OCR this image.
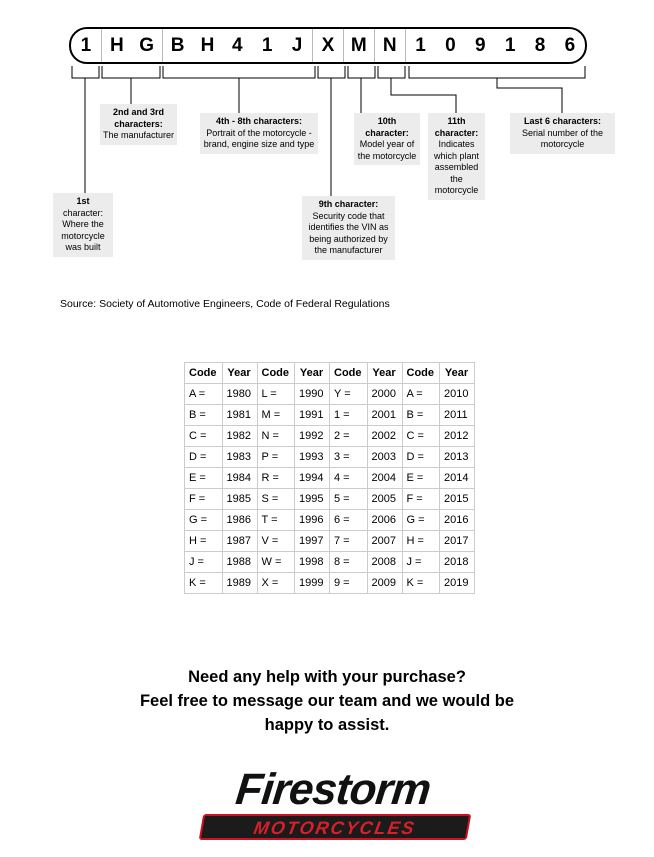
1 H G B H 4	1	J	X M N 1	0	9	1	8	6
1st
character: Where the motorcycle was built
2nd and 3rd characters:
The manufacturer
4th - 8th characters:
Portrait of the motorcycle - brand, engine size and type
9th character:
Security code that identifies the VIN as being authorized by the manufacturer
10th character:
Model year of the motorcycle
11th character:
Indicates which plant assembled the motorcycle
Last 6 characters:
Serial number of the motorcycle
Source: Society of Automotive Engineers, Code of Federal Regulations
Code	Year	Code	Year	Code	Year	Code	Year
A =	1980	L =	1990	Y =	2000	A =	2010
B =	1981	M =	1991	1 =	2001	B =	2011
C =	1982	N =	1992	2 =	2002	C =	2012
D =	1983	P =	1993	3 =	2003	D =	2013
E =	1984	R =	1994	4 =	2004	E =	2014
F =	1985	S =	1995	5 =	2005	F =	2015
G =	1986	T =	1996	6 =	2006	G =	2016
H =	1987	V =	1997	7 =	2007	H =	2017
J =	1988	W =	1998	8 =	2008	J =	2018
K =	1989	X =	1999	9 =	2009	K =	2019
Need any help with your purchase?
Feel free to message our team and we would be
happy to assist.
Firestorm
MOTORCYCLES
